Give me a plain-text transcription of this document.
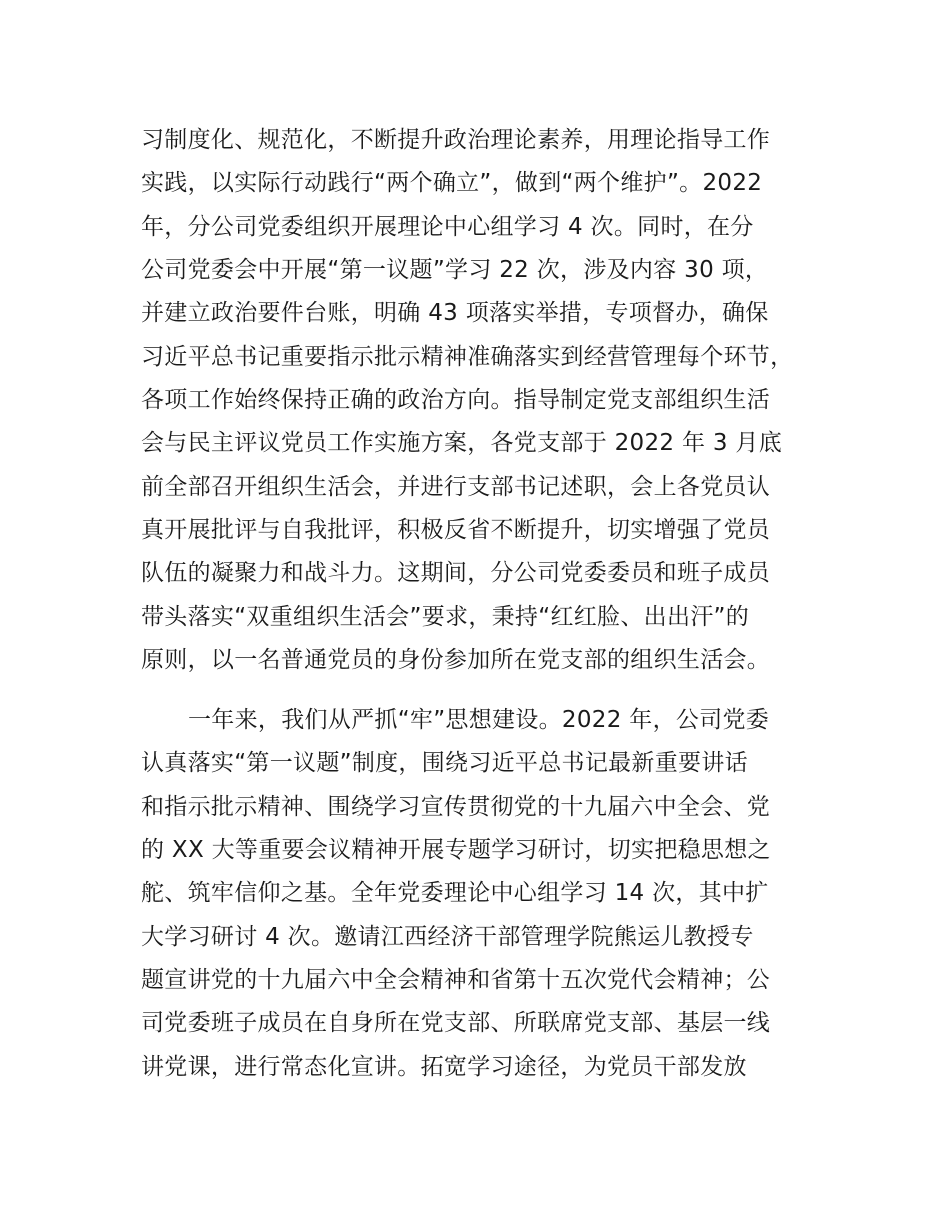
习制度化、规范化，不断提升政治理论素养，用理论指导工作
实践，以实际行动践行“两个确立”，做到“两个维护”。2022
年，分公司党委组织开展理论中心组学习 4 次。同时，在分
公司党委会中开展“第一议题”学习 22 次，涉及内容 30 项，
并建立政治要件台账，明确 43 项落实举措，专项督办，确保
习近平总书记重要指示批示精神准确落实到经营管理每个环节，
各项工作始终保持正确的政治方向。指导制定党支部组织生活
会与民主评议党员工作实施方案，各党支部于 2022 年 3 月底
前全部召开组织生活会，并进行支部书记述职，会上各党员认
真开展批评与自我批评，积极反省不断提升，切实增强了党员
队伍的凝聚力和战斗力。这期间，分公司党委委员和班子成员
带头落实“双重组织生活会”要求，秉持“红红脸、出出汗”的
原则，以一名普通党员的身份参加所在党支部的组织生活会。
一年来，我们从严抓“牢”思想建设。2022 年，公司党委
认真落实“第一议题”制度，围绕习近平总书记最新重要讲话
和指示批示精神、围绕学习宣传贯彻党的十九届六中全会、党
的 XX 大等重要会议精神开展专题学习研讨，切实把稳思想之
舵、筑牢信仰之基。全年党委理论中心组学习 14 次，其中扩
大学习研讨 4 次。邀请江西经济干部管理学院熊运儿教授专
题宣讲党的十九届六中全会精神和省第十五次党代会精神；公
司党委班子成员在自身所在党支部、所联席党支部、基层一线
讲党课，进行常态化宣讲。拓宽学习途径，为党员干部发放
